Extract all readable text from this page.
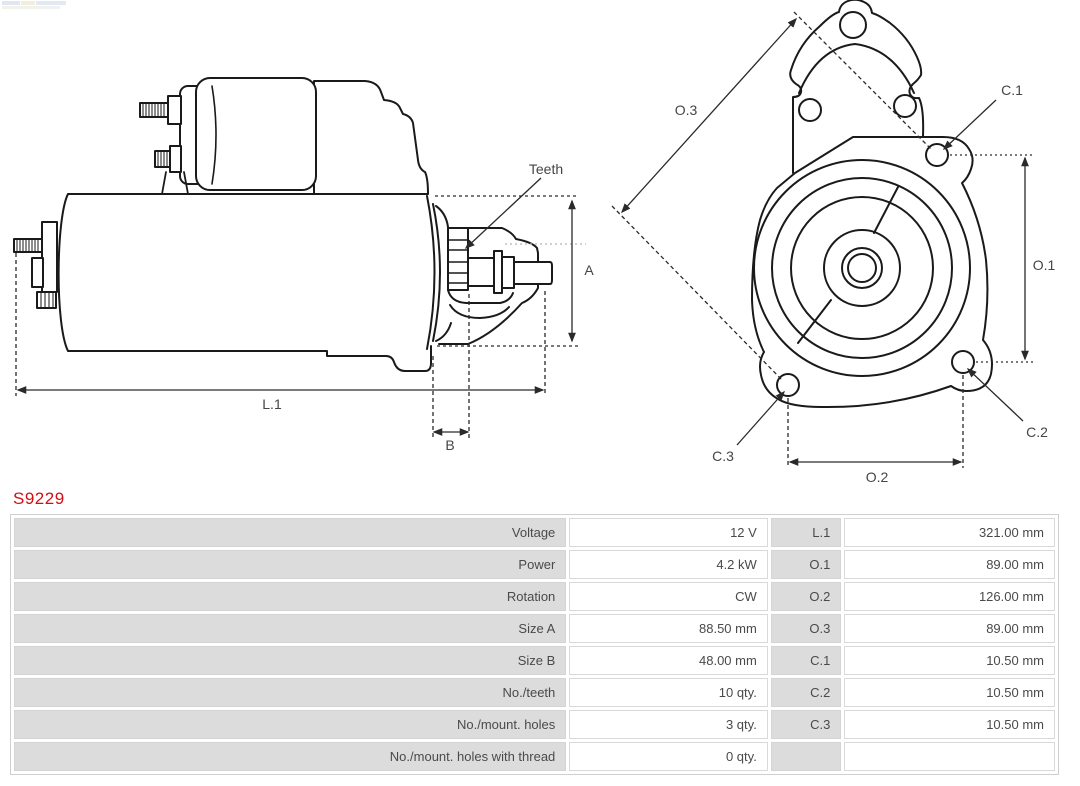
Teeth
A
L.1
B
O.3
C.1
O.1
C.2
C.3
O.2
S9229
Voltage	12 V	L.1	321.00 mm
Power	4.2 kW	O.1	89.00 mm
Rotation	CW	O.2	126.00 mm
Size A	88.50 mm	O.3	89.00 mm
Size B	48.00 mm	C.1	10.50 mm
No./teeth	10 qty.	C.2	10.50 mm
No./mount. holes	3 qty.	C.3	10.50 mm
No./mount. holes with thread	0 qty.		
